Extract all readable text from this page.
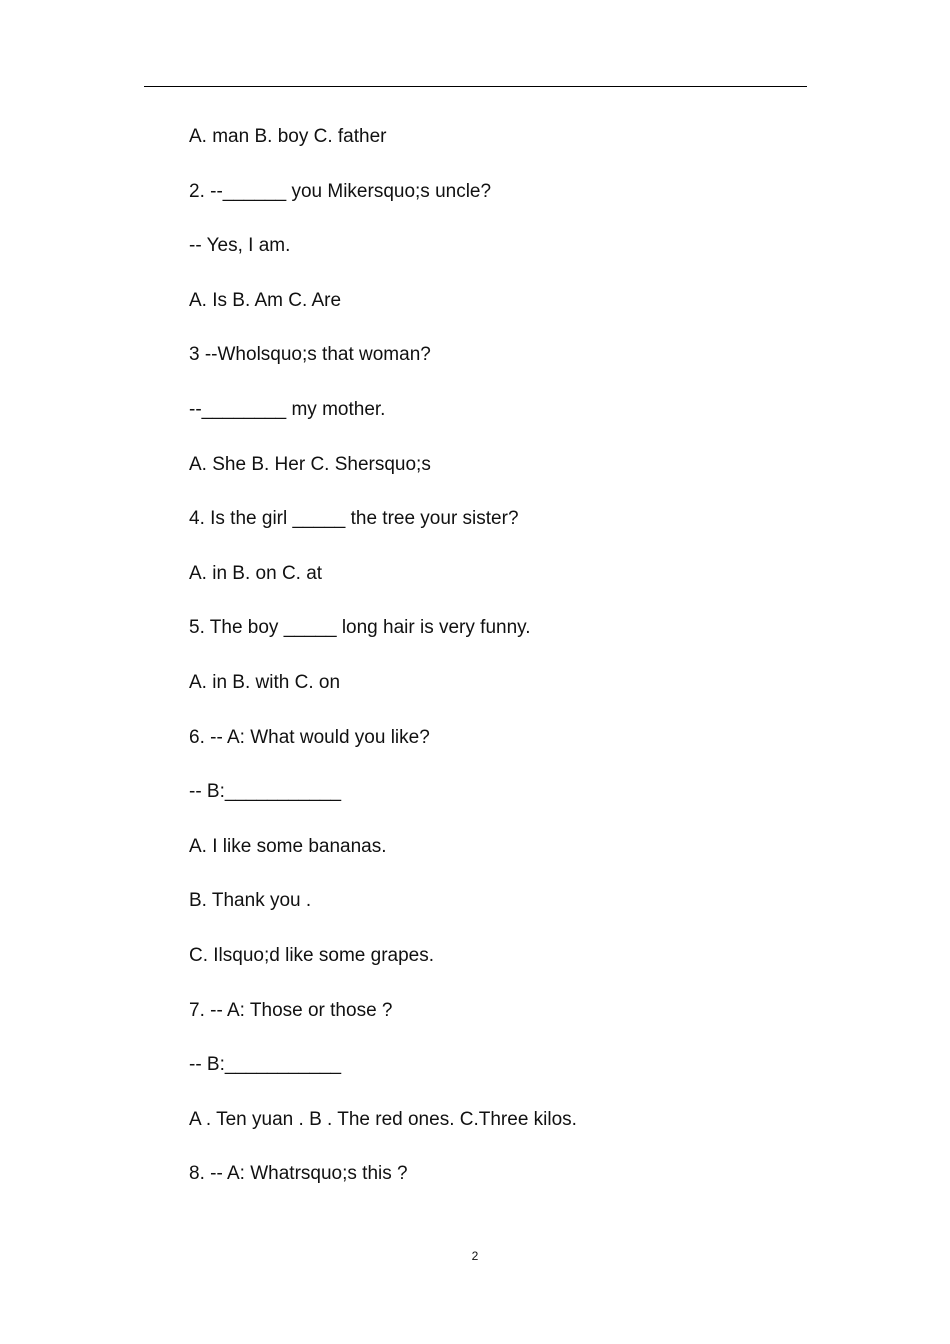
A. man B. boy C. father
2. --______ you Mikersquo;s uncle?
-- Yes, I am.
A. Is B. Am C. Are
3 --Wholsquo;s that woman?
--________ my mother.
A. She B. Her C. Shersquo;s
4. Is the girl _____ the tree your sister?
A. in B. on C. at
5. The boy _____ long hair is very funny.
A. in B. with C. on
6. -- A: What would you like?
-- B:___________
A. I like some bananas.
B. Thank you .
C. Ilsquo;d like some grapes.
7. -- A: Those or those ?
-- B:___________
A . Ten yuan . B . The red ones. C.Three kilos.
8. -- A: Whatrsquo;s this ?
2
